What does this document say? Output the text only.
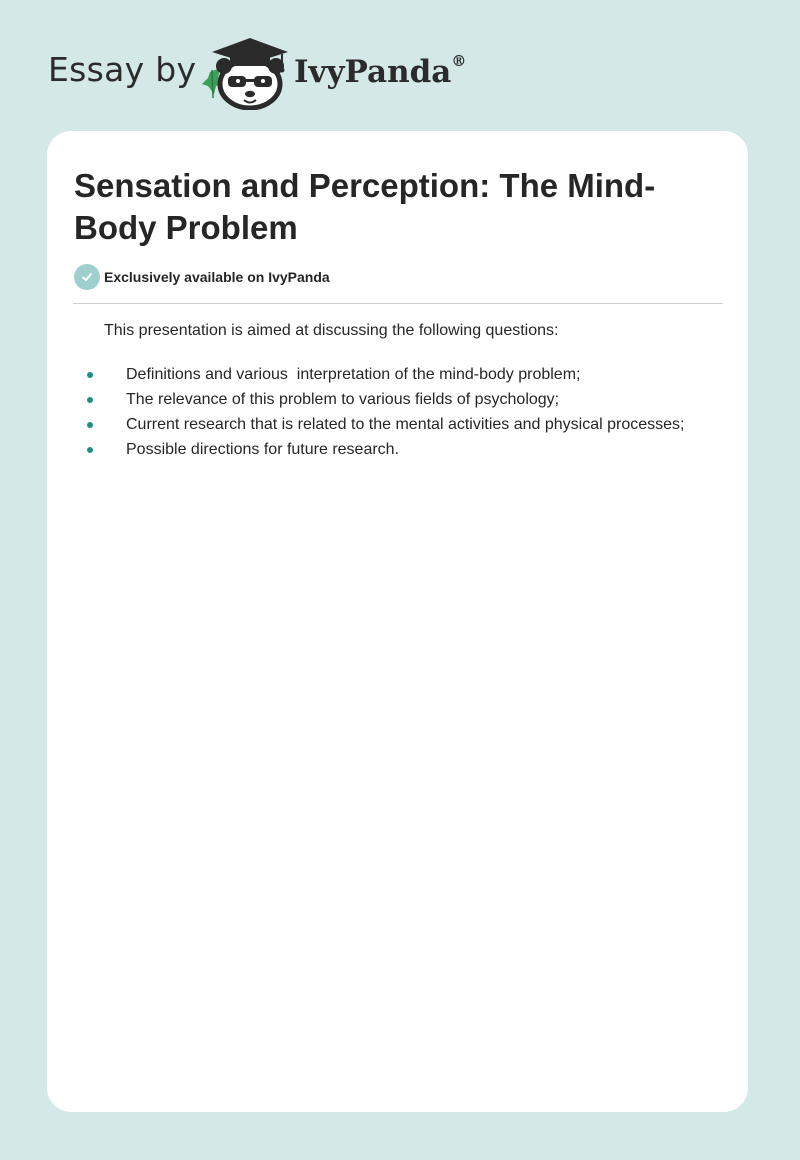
Essay by	IvyPanda®
Sensation and Perception: The Mind-Body Problem
Exclusively available on IvyPanda

This presentation is aimed at discussing the following questions:

Definitions and various  interpretation of the mind-body problem;
The relevance of this problem to various fields of psychology;
Current research that is related to the mental activities and physical processes;
Possible directions for future research.
